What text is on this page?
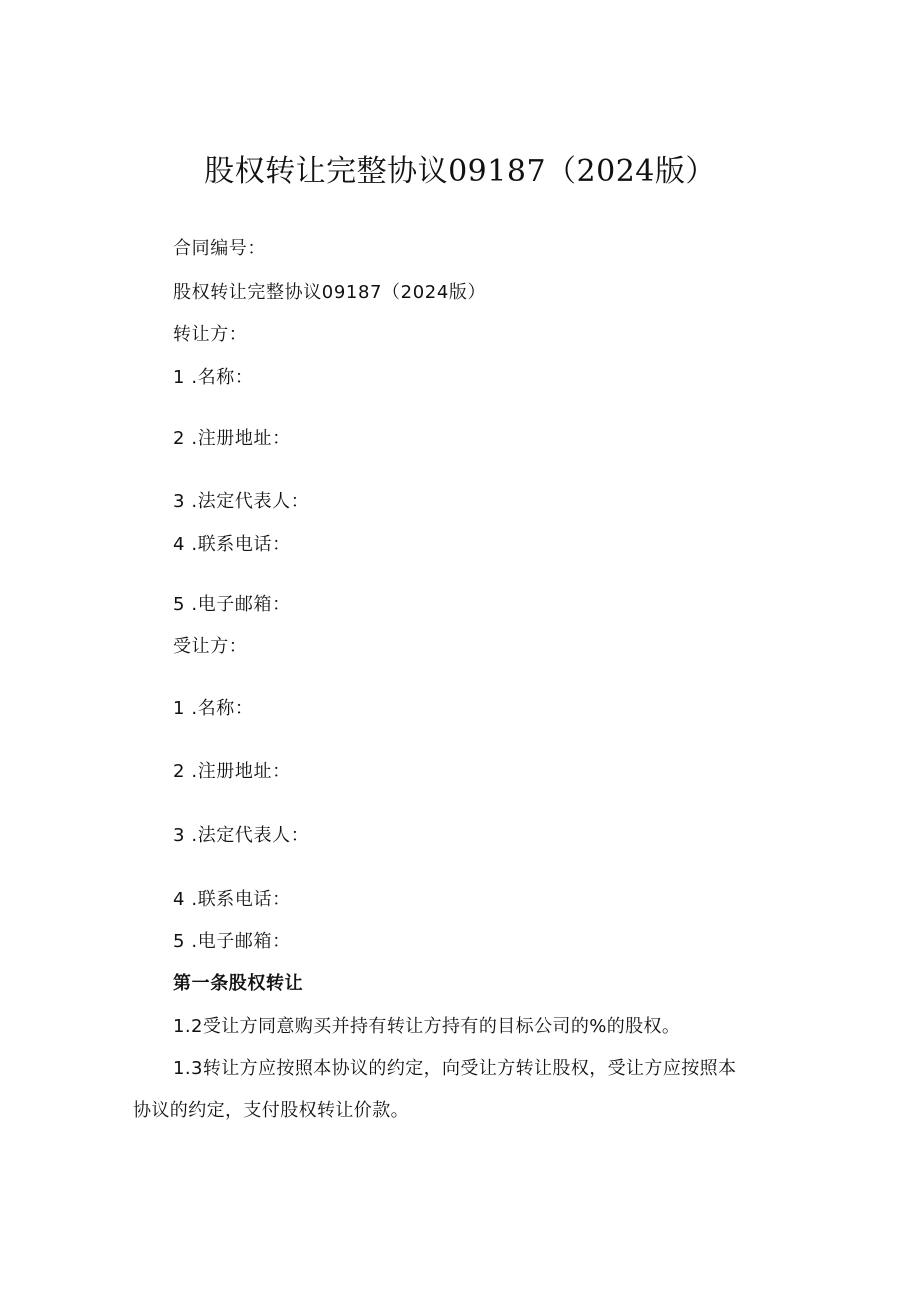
股权转让完整协议09187（2024版）
合同编号：
股权转让完整协议09187（2024版）
转让方：
1 .名称：
2 .注册地址：
3 .法定代表人：
4 .联系电话：
5 .电子邮箱：
受让方：
1 .名称：
2 .注册地址：
3 .法定代表人：
4 .联系电话：
5 .电子邮箱：
第一条股权转让
1.2受让方同意购买并持有转让方持有的目标公司的%的股权。
1.3转让方应按照本协议的约定，向受让方转让股权，受让方应按照本
协议的约定，支付股权转让价款。
